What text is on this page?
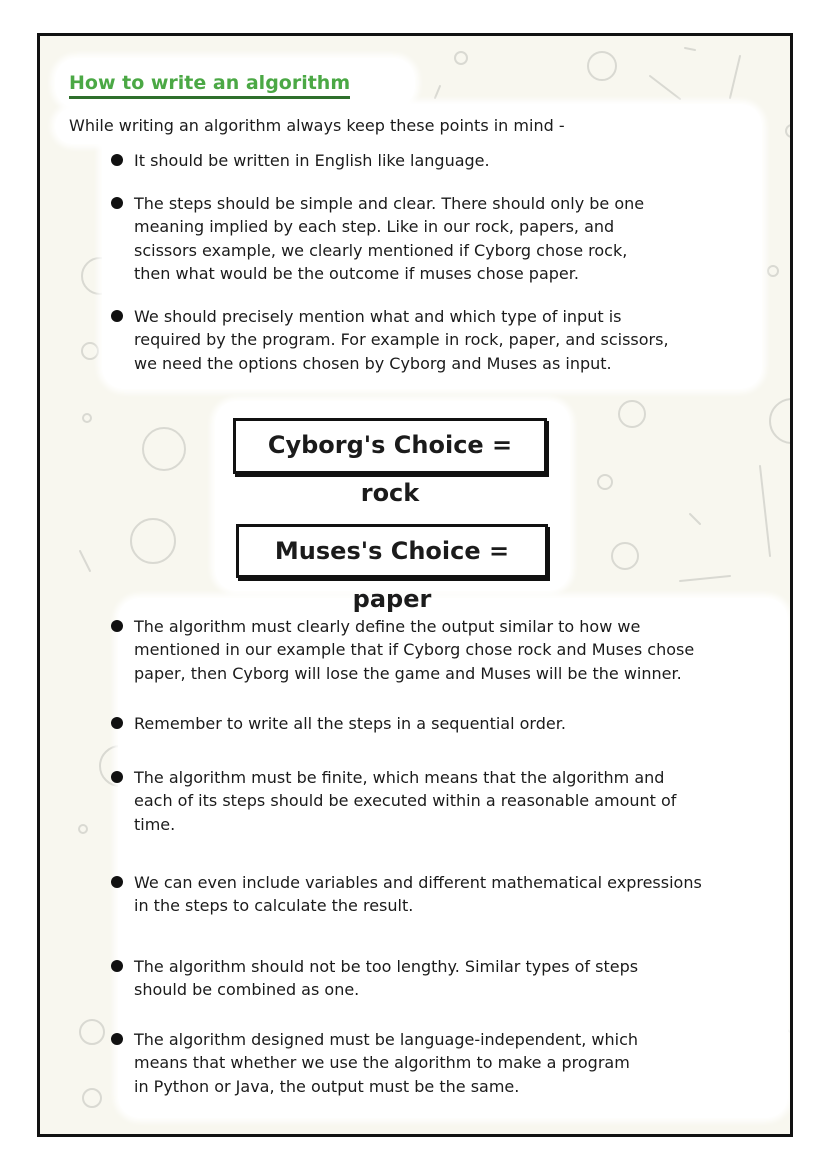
How to write an algorithm

While writing an algorithm always keep these points in mind -

Cyborg's Choice = rock
Muses's Choice = paper
It should be written in English like language.
The steps should be simple and clear. There should only be one
meaning implied by each step. Like in our rock, papers, and
scissors example, we clearly mentioned if Cyborg chose rock,
then what would be the outcome if muses chose paper.
We should precisely mention what and which type of input is
required by the program. For example in rock, paper, and scissors,
we need the options chosen by Cyborg and Muses as input.
The algorithm must clearly define the output similar to how we
mentioned in our example that if Cyborg chose rock and Muses chose
paper, then Cyborg will lose the game and Muses will be the winner.
Remember to write all the steps in a sequential order.
The algorithm must be finite, which means that the algorithm and
each of its steps should be executed within a reasonable amount of
time.
We can even include variables and different mathematical expressions
in the steps to calculate the result.
The algorithm should not be too lengthy. Similar types of steps
should be combined as one.
The algorithm designed must be language-independent, which
means that whether we use the algorithm to make a program
in Python or Java, the output must be the same.
